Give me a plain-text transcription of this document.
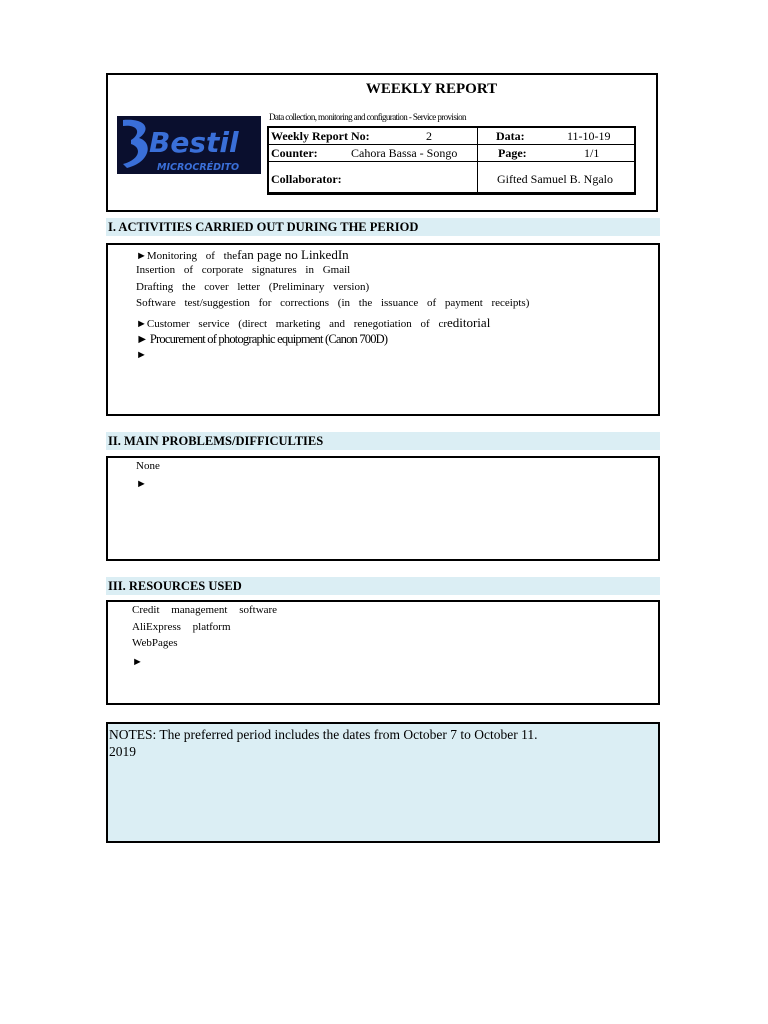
WEEKLY REPORT
Data collection, monitoring and configuration - Service provision
Bestil
MICROCRÉDITO
Weekly Report No:	2	Data:	11-10-19
Counter:	Cahora Bassa - Songo	Page:	1/1
Collaborator:	Gifted Samuel B. Ngalo
I. ACTIVITIES CARRIED OUT DURING THE PERIOD
►Monitoring of thefan page no LinkedIn
Insertion of corporate signatures in Gmail
Drafting the cover letter (Preliminary version)
Software test/suggestion for corrections (in the issuance of payment receipts)
►Customer service (direct marketing and renegotiation of creditorial
► Procurement of photographic equipment (Canon 700D)
►
II. MAIN PROBLEMS/DIFFICULTIES
None
►
III. RESOURCES USED
Credit management software
AliExpress platform
WebPages
►
NOTES: The preferred period includes the dates from October 7 to October 11.
2019
